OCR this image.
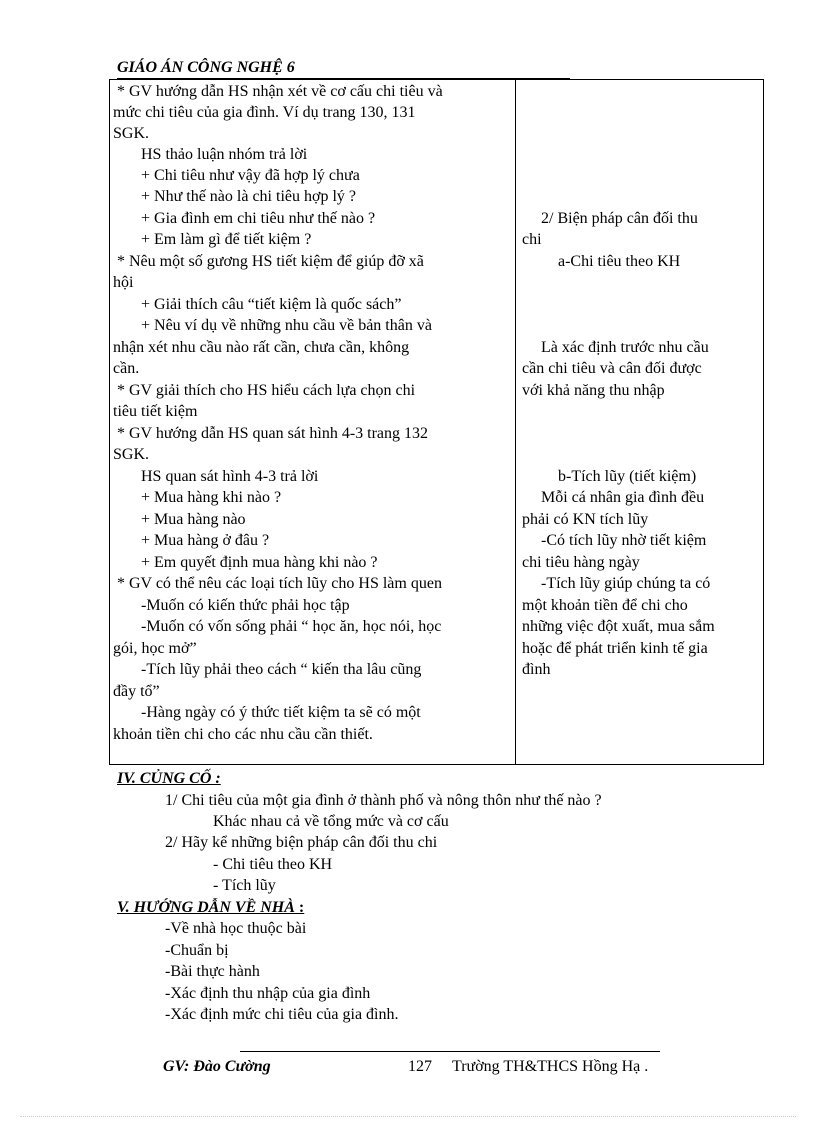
GIÁO ÁN CÔNG NGHỆ 6
* GV hướng dẫn HS nhận xét về cơ cấu chi tiêu và
mức chi tiêu của gia đình. Ví dụ trang 130, 131
SGK.
HS thảo luận nhóm trả lời
+ Chi tiêu như vậy đã hợp lý chưa
+ Như thế nào là chi tiêu hợp lý ?
+ Gia đình em chi tiêu như thế nào ?
+ Em làm gì để tiết kiệm ?
* Nêu một số gương HS tiết kiệm để giúp đỡ xã
hội
+ Giải thích câu “tiết kiệm là quốc sách”
+ Nêu ví dụ về những nhu cầu về bản thân và
nhận xét nhu cầu nào rất cần, chưa cần, không
cần.
* GV giải thích cho HS hiểu cách lựa chọn chi
tiêu tiết kiệm
* GV hướng dẫn HS quan sát hình 4-3 trang 132
SGK.
HS quan sát hình 4-3 trả lời
+ Mua hàng khi nào ?
+ Mua hàng nào
+ Mua hàng ở đâu ?
+ Em quyết định mua hàng khi nào ?
* GV có thể nêu các loại tích lũy cho HS làm quen
-Muốn có kiến thức phải học tập
-Muốn có vốn sống phải “ học ăn, học nói, học
gói, học mở”
-Tích lũy phải theo cách “ kiến tha lâu cũng
đầy tổ”
-Hàng ngày có ý thức tiết kiệm ta sẽ có một
khoản tiền chi cho các nhu cầu cần thiết.
2/ Biện pháp cân đối thu
chi
a-Chi tiêu theo KH
Là xác định trước nhu cầu
cần chi tiêu và cân đối được
với khả năng thu nhập
b-Tích lũy (tiết kiệm)
Mỗi cá nhân gia đình đều
phải có KN tích lũy
-Có tích lũy nhờ tiết kiệm
chi tiêu hàng ngày
-Tích lũy giúp chúng ta có
một khoản tiền để chi cho
những việc đột xuất, mua sắm
hoặc để phát triển kinh tế gia
đình
IV. CỦNG CỐ :
1/ Chi tiêu của một gia đình ở thành phố và nông thôn như thế nào ?
Khác nhau cả về tổng mức và cơ cấu
2/ Hãy kể những biện pháp cân đối thu chi
- Chi tiêu theo KH
- Tích lũy
V. HƯỚNG DẪN VỀ NHÀ :
-Về nhà học thuộc bài
-Chuẩn bị
-Bài thực hành
-Xác định thu nhập của gia đình
-Xác định mức chi tiêu của gia đình.
GV: Đào Cường	127 Trường TH&THCS Hồng Hạ .
